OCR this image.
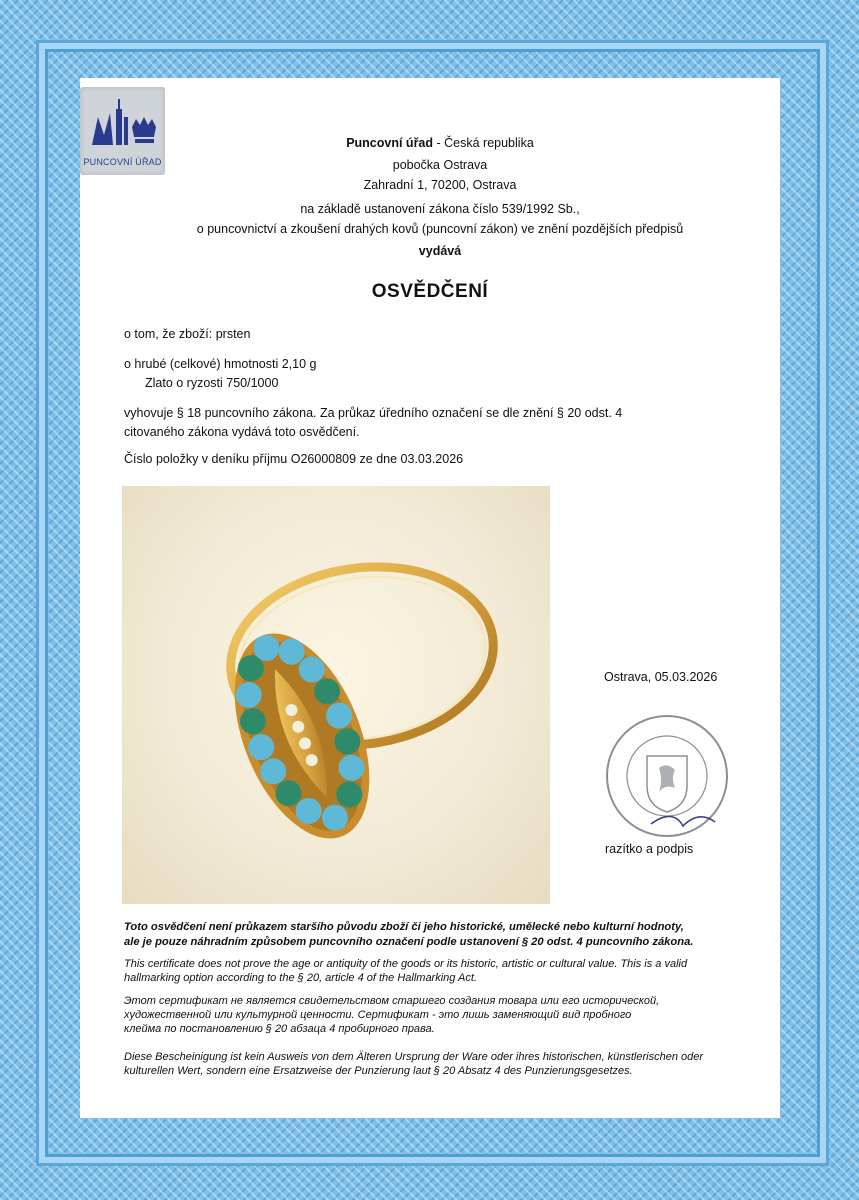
PUNCOVNÍ ÚŘAD
Puncovní úřad - Česká republika
pobočka Ostrava
Zahradní 1, 70200, Ostrava
na základě ustanovení zákona číslo 539/1992 Sb.,
o puncovnictví a zkoušení drahých kovů (puncovní zákon) ve znění pozdějších předpisů
vydává
OSVĚDČENÍ
o tom, že zboží: prsten
o hrubé (celkové) hmotnosti 2,10 g
Zlato o ryzosti 750/1000
vyhovuje § 18 puncovního zákona. Za průkaz úředního označení se dle znění § 20 odst. 4
citovaného zákona vydává toto osvědčení.
Číslo položky v deníku příjmu O26000809 ze dne 03.03.2026
Ostrava, 05.03.2026
razítko a podpis
Toto osvědčení není průkazem staršího původu zboží či jeho historické, umělecké nebo kulturní hodnoty,
ale je pouze náhradním způsobem puncovního označení podle ustanovení § 20 odst. 4 puncovního zákona.
This certificate does not prove the age or antiquity of the goods or its historic, artistic or cultural value. This is a valid
hallmarking option according to the § 20, article 4 of the Hallmarking Act.
Этот сертификат не является свидетельством старшего создания товара или его исторической,
художественной или культурной ценности. Сертификат - это лишь заменяющий вид пробного
клейма по постановлению § 20 абзаца 4 пробирного права.
Diese Bescheinigung ist kein Ausweis von dem Älteren Ursprung der Ware oder ihres historischen, künstlerischen oder
kulturellen Wert, sondern eine Ersatzweise der Punzierung laut § 20 Absatz 4 des Punzierungsgesetzes.
